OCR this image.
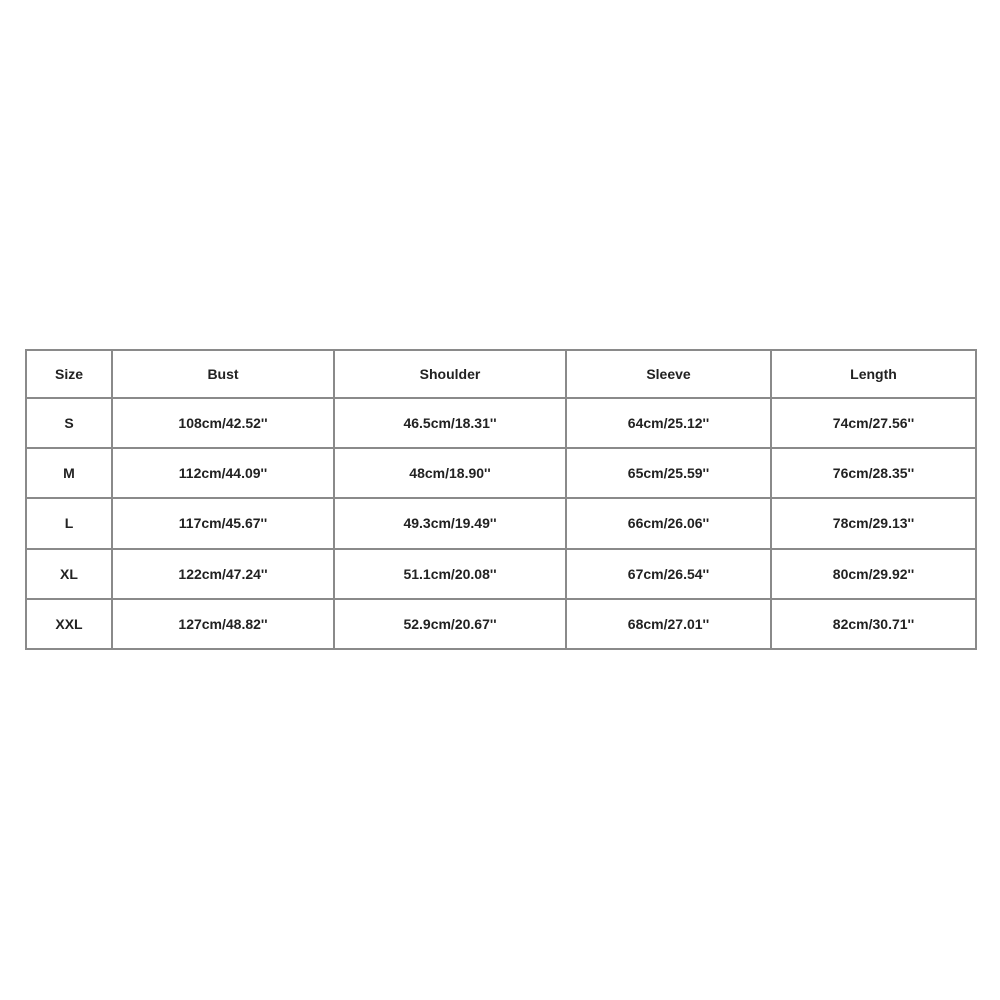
Size	Bust	Shoulder	Sleeve	Length
S	108cm/42.52''	46.5cm/18.31''	64cm/25.12''	74cm/27.56''
M	112cm/44.09''	48cm/18.90''	65cm/25.59''	76cm/28.35''
L	117cm/45.67''	49.3cm/19.49''	66cm/26.06''	78cm/29.13''
XL	122cm/47.24''	51.1cm/20.08''	67cm/26.54''	80cm/29.92''
XXL	127cm/48.82''	52.9cm/20.67''	68cm/27.01''	82cm/30.71''
